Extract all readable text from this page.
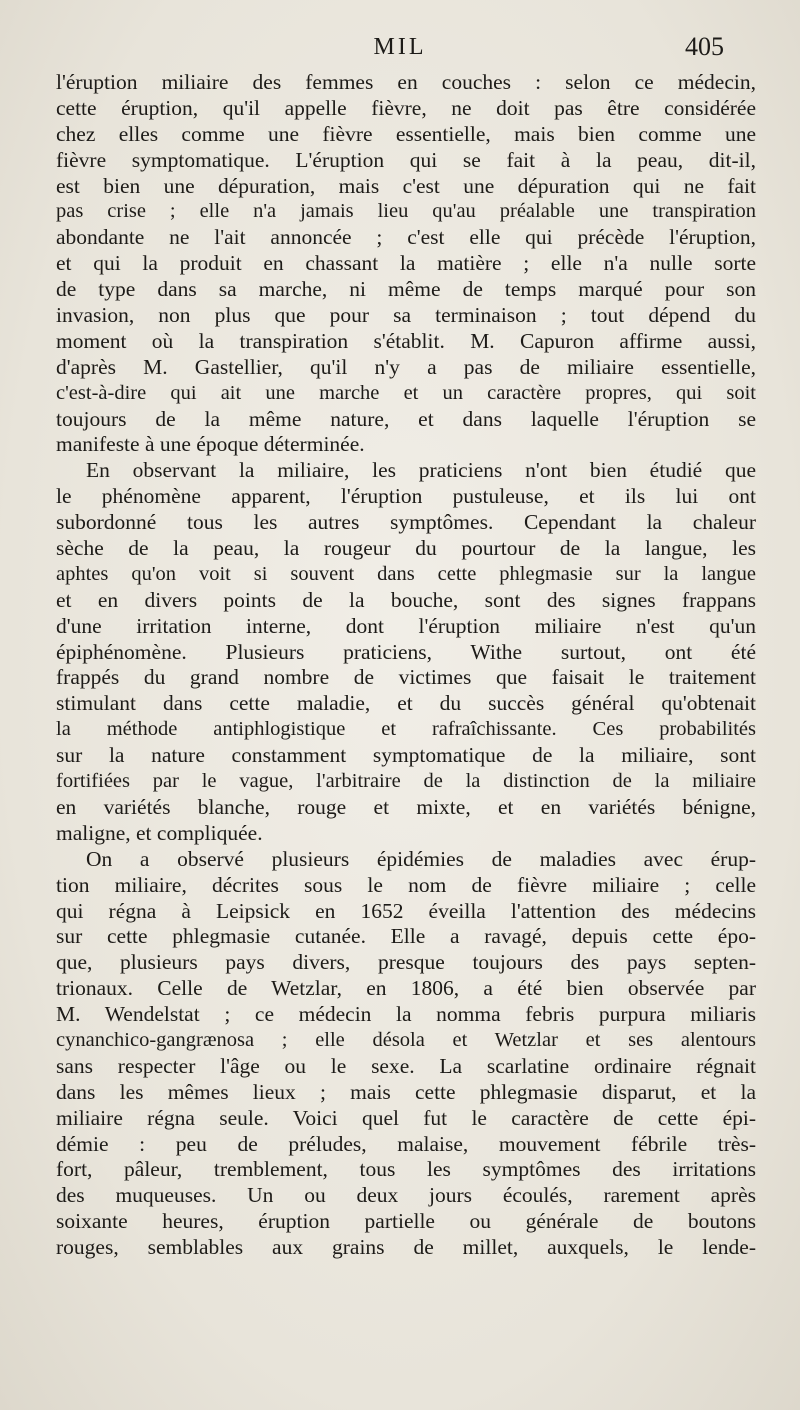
MIL	405
l'éruption miliaire des femmes en couches : selon ce médecin,
cette éruption, qu'il appelle fièvre, ne doit pas être considérée
chez elles comme une fièvre essentielle, mais bien comme une
fièvre symptomatique. L'éruption qui se fait à la peau, dit-il,
est bien une dépuration, mais c'est une dépuration qui ne fait
pas crise ; elle n'a jamais lieu qu'au préalable une transpiration
abondante ne l'ait annoncée ; c'est elle qui précède l'éruption,
et qui la produit en chassant la matière ; elle n'a nulle sorte
de type dans sa marche, ni même de temps marqué pour son
invasion, non plus que pour sa terminaison ; tout dépend du
moment où la transpiration s'établit. M. Capuron affirme aussi,
d'après M. Gastellier, qu'il n'y a pas de miliaire essentielle,
c'est-à-dire qui ait une marche et un caractère propres, qui soit
toujours de la même nature, et dans laquelle l'éruption se
manifeste à une époque déterminée.
En observant la miliaire, les praticiens n'ont bien étudié que
le phénomène apparent, l'éruption pustuleuse, et ils lui ont
subordonné tous les autres symptômes. Cependant la chaleur
sèche de la peau, la rougeur du pourtour de la langue, les
aphtes qu'on voit si souvent dans cette phlegmasie sur la langue
et en divers points de la bouche, sont des signes frappans
d'une irritation interne, dont l'éruption miliaire n'est qu'un
épiphénomène. Plusieurs praticiens, Withe surtout, ont été
frappés du grand nombre de victimes que faisait le traitement
stimulant dans cette maladie, et du succès général qu'obtenait
la méthode antiphlogistique et rafraîchissante. Ces probabilités
sur la nature constamment symptomatique de la miliaire, sont
fortifiées par le vague, l'arbitraire de la distinction de la miliaire
en variétés blanche, rouge et mixte, et en variétés bénigne,
maligne, et compliquée.
On a observé plusieurs épidémies de maladies avec érup-
tion miliaire, décrites sous le nom de fièvre miliaire ; celle
qui régna à Leipsick en 1652 éveilla l'attention des médecins
sur cette phlegmasie cutanée. Elle a ravagé, depuis cette épo-
que, plusieurs pays divers, presque toujours des pays septen-
trionaux. Celle de Wetzlar, en 1806, a été bien observée par
M. Wendelstat ; ce médecin la nomma febris purpura miliaris
cynanchico-gangrænosa ; elle désola et Wetzlar et ses alentours
sans respecter l'âge ou le sexe. La scarlatine ordinaire régnait
dans les mêmes lieux ; mais cette phlegmasie disparut, et la
miliaire régna seule. Voici quel fut le caractère de cette épi-
démie : peu de préludes, malaise, mouvement fébrile très-
fort, pâleur, tremblement, tous les symptômes des irritations
des muqueuses. Un ou deux jours écoulés, rarement après
soixante heures, éruption partielle ou générale de boutons
rouges, semblables aux grains de millet, auxquels, le lende-
